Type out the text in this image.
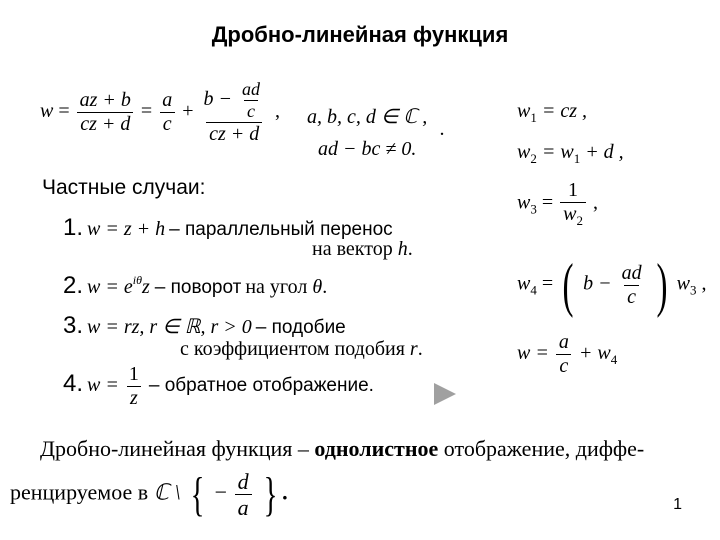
Дробно-линейная функция
$w = \frac{az + b}{cz + d} = \frac{a}{c} + \frac{b - \frac{ad}{c}}{cz + d}$ , a, b, c, d ∈ ℂ ,
ad − bc ≠ 0.
.
Частные случаи:
1. w = z + h – параллельный перенос
на вектор h.
2. $w = e^{i\theta}z$ – поворот на угол θ.
3. w = rz, r ∈ ℝ, r > 0 – подобие
с коэффициентом подобия r.
4. $w = \frac{1}{z}$ – обратное отображение.
$w_1$ = cz ,
$w_2 = w_1 + d$ ,
$w_3 = \frac{1}{w_2}$ ,
$w_4$ = ( $b - \frac{ad}{c}$ ) $w_3$ ,
$w = \frac{a}{c} + w_4$
Дробно-линейная функция – однолистное отображение, диффе-
ренцируемое в ℂ \ { − $\frac{d}{a}$ } .	1
